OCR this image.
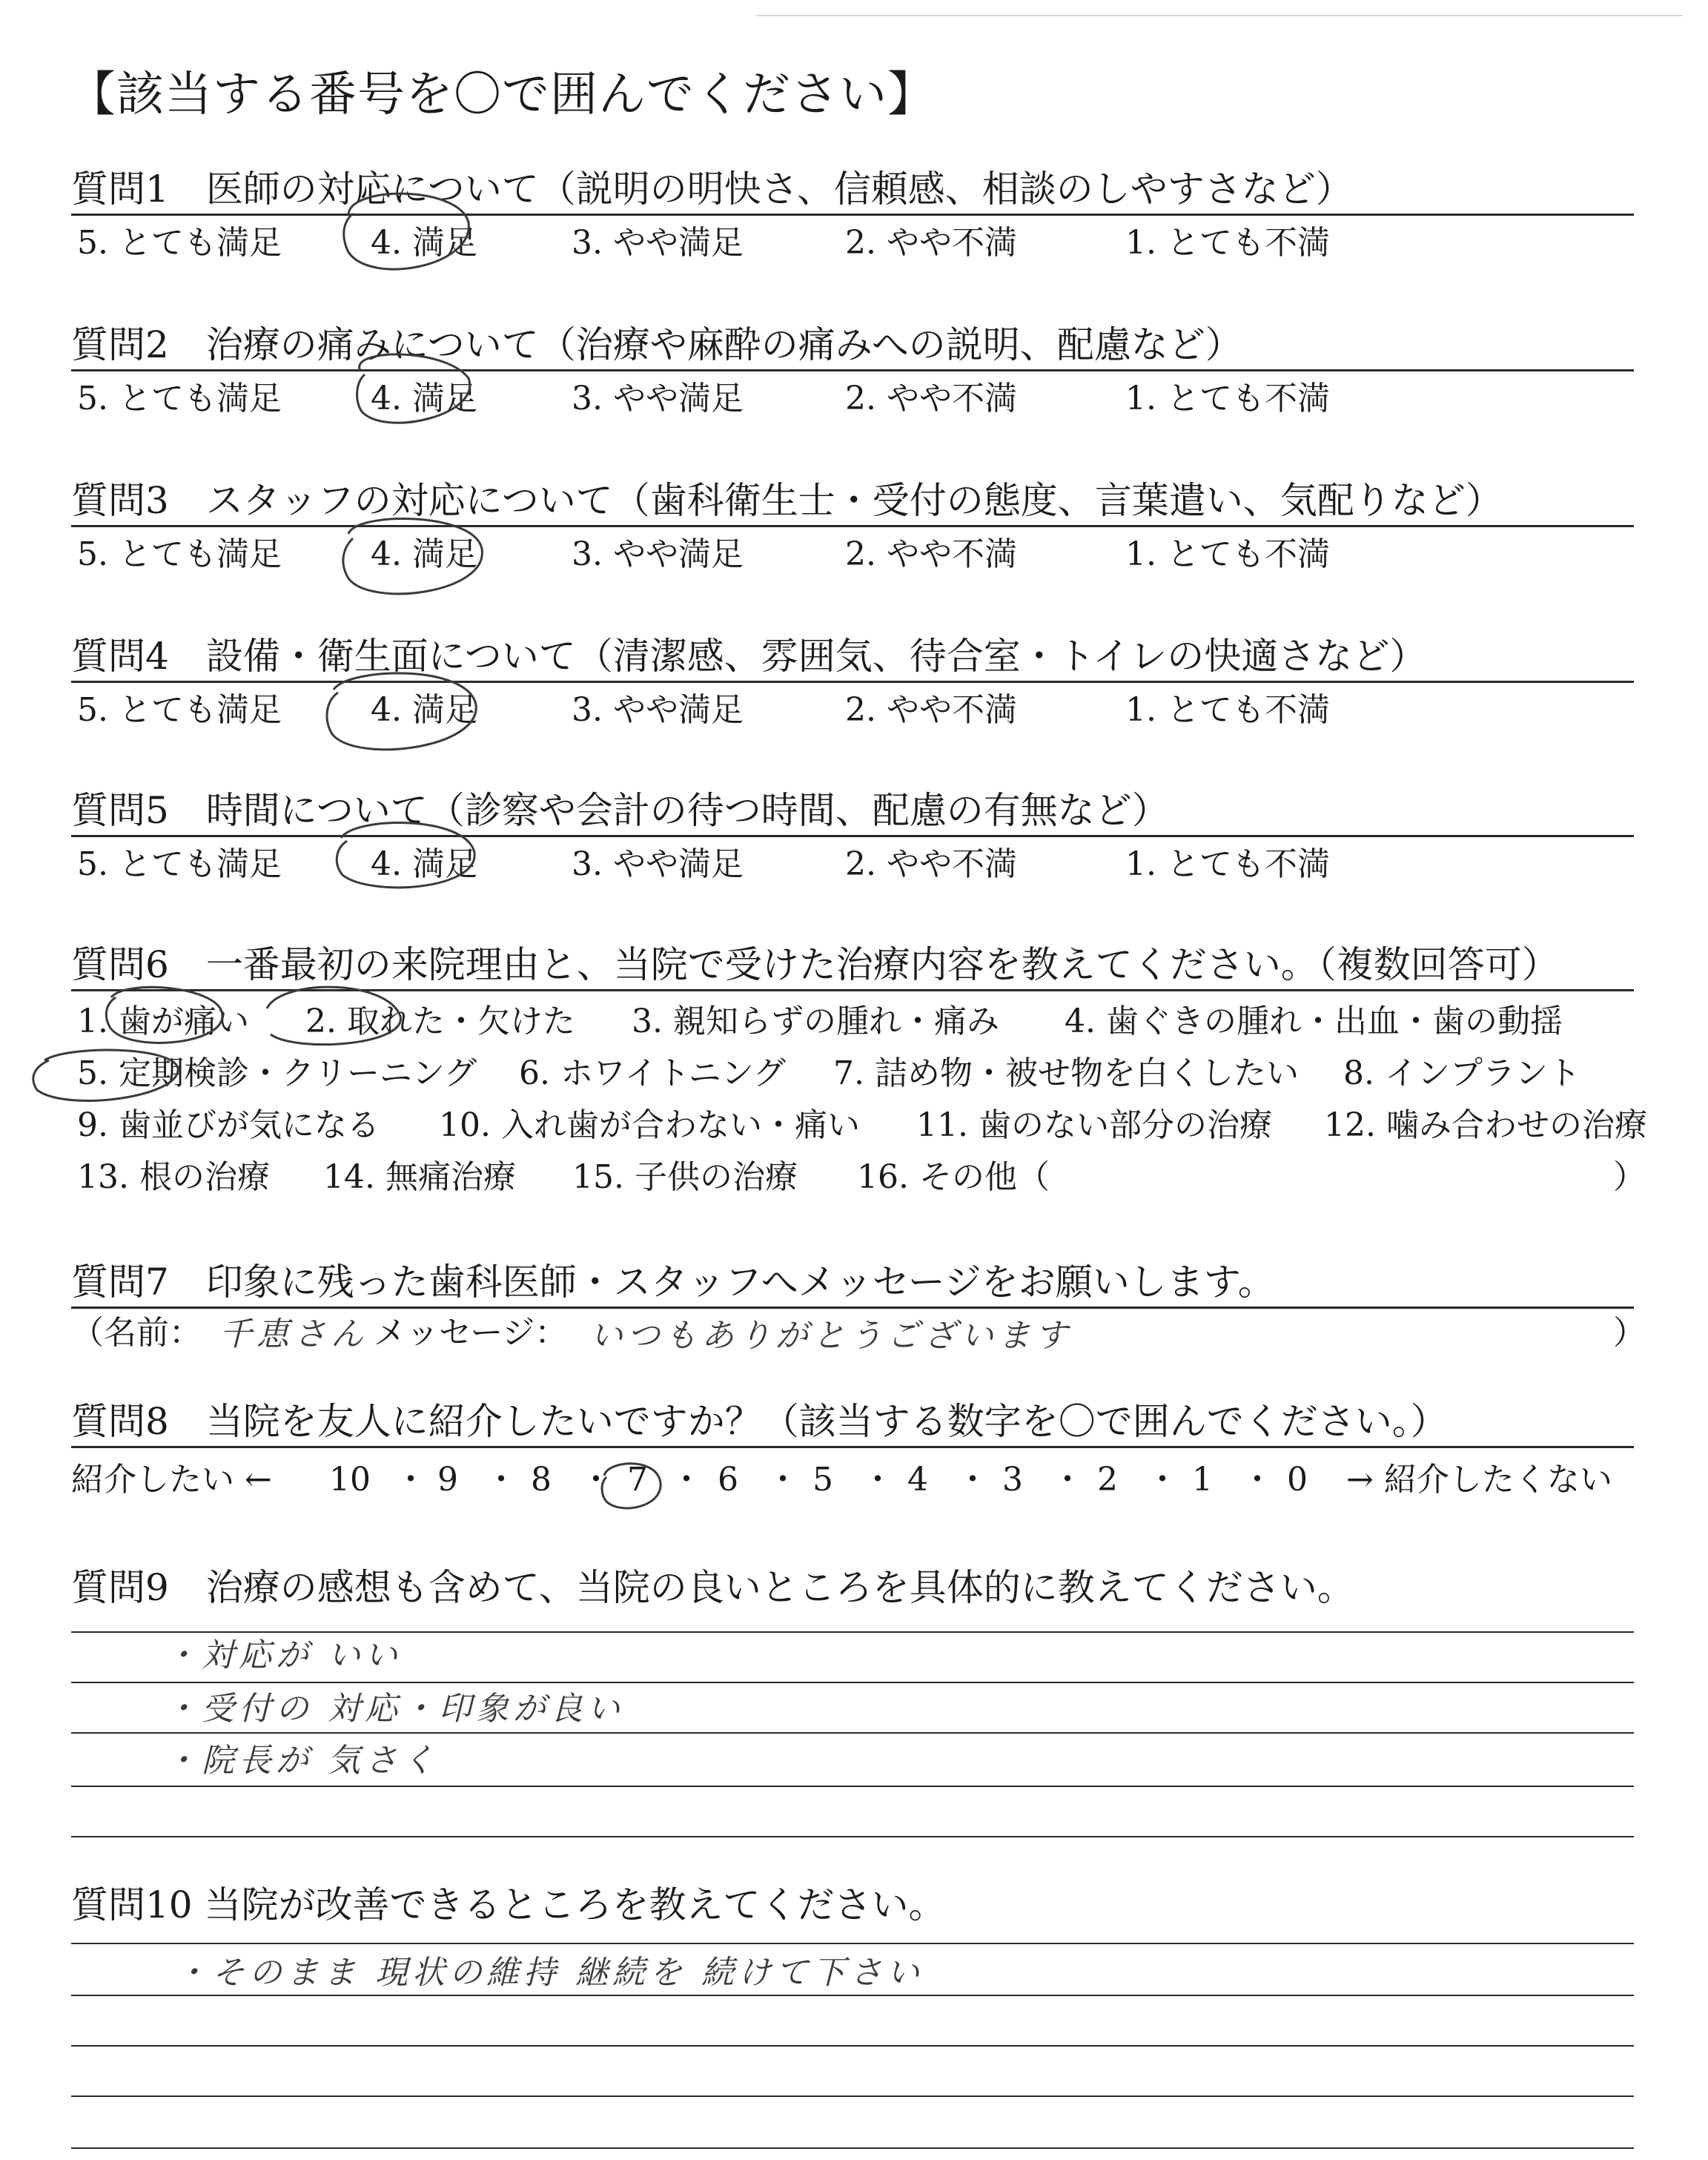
【該当する番号を〇で囲んでください】
質問1　 医師の対応について（説明の明快さ、信頼感、相談のしやすさなど）
5. とても満足	4. 満足	3. やや満足	2. やや不満	1. とても不満
質問2　 治療の痛みについて（治療や麻酔の痛みへの説明、配慮など）
5. とても満足	4. 満足	3. やや満足	2. やや不満	1. とても不満
質問3　 スタッフの対応について（歯科衛生士・受付の態度、言葉遣い、気配りなど）
5. とても満足	4. 満足	3. やや満足	2. やや不満	1. とても不満
質問4　 設備・衛生面について（清潔感、雰囲気、待合室・トイレの快適さなど）
5. とても満足	4. 満足	3. やや満足	2. やや不満	1. とても不満
質問5　 時間について（診察や会計の待つ時間、配慮の有無など）
5. とても満足	4. 満足	3. やや満足	2. やや不満	1. とても不満
質問6　 一番最初の来院理由と、当院で受けた治療内容を教えてください。（複数回答可）
1. 歯が痛い 2. 取れた・欠けた 3. 親知らずの腫れ・痛み 4. 歯ぐきの腫れ・出血・歯の動揺
5. 定期検診・クリーニング 6. ホワイトニング 7. 詰め物・被せ物を白くしたい 8. インプラント
9. 歯並びが気になる 10. 入れ歯が合わない・痛い 11. 歯のない部分の治療 12. 噛み合わせの治療
13. 根の治療 14. 無痛治療 15. 子供の治療 16. その他（	）
質問7　 印象に残った歯科医師・スタッフへメッセージをお願いします。
（名前： 千恵さん メッセージ： いつもありがとうございます	）
質問8　 当院を友人に紹介したいですか？（該当する数字を〇で囲んでください。）
紹介したい ← 10 ・ 9 ・ 8 ・ 7 ・ 6 ・ 5 ・ 4 ・ 3 ・ 2 ・ 1 ・ 0 → 紹介したくない
質問9　 治療の感想も含めて、当院の良いところを具体的に教えてください。
・対応が いい
・受付の 対応・印象が良い
・院長が 気さく
質問10 当院が改善できるところを教えてください。
・そのまま 現状の維持 継続を 続けて下さい
